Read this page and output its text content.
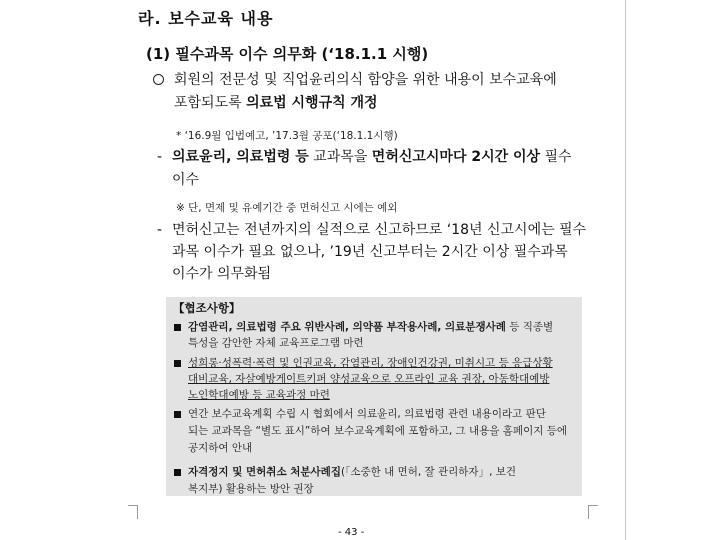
라. 보수교육 내용
(1) 필수과목 이수 의무화 (‘18.1.1 시행)
회원의 전문성 및 직업윤리의식 함양을 위한 내용이 보수교육에
포함되도록 의료법 시행규칙 개정
* ‘16.9월 입법예고, ’17.3월 공포(‘18.1.1시행)
- 의료윤리, 의료법령 등 교과목을 면허신고시마다 2시간 이상 필수
이수
※ 단, 면제 및 유예기간 중 면허신고 시에는 예외
- 면허신고는 전년까지의 실적으로 신고하므로 ‘18년 신고시에는 필수
과목 이수가 필요 없으나, ’19년 신고부터는 2시간 이상 필수과목
이수가 의무화됨
【협조사항】
감염관리, 의료법령 주요 위반사례, 의약품 부작용사례, 의료분쟁사례 등 직종별
특성을 감안한 자체 교육프로그램 마련
성희롱·성폭력·폭력 및 인권교육, 감염관리, 장애인건강권, 미취시고 등 응급상황
대비교육, 자살예방게이트키퍼 양성교육으로 오프라인 교육 권장, 아동학대예방
노인학대예방 등 교육과정 마련
연간 보수교육계획 수립 시 협회에서 의료윤리, 의료법령 관련 내용이라고 판단
되는 교과목을 “별도 표시”하여 보수교육계획에 포함하고, 그 내용을 홈페이지 등에
공지하여 안내
자격정지 및 면허취소 처분사례집(「소중한 내 면허, 잘 관리하자」, 보건
복지부) 활용하는 방안 권장
- 43 -
